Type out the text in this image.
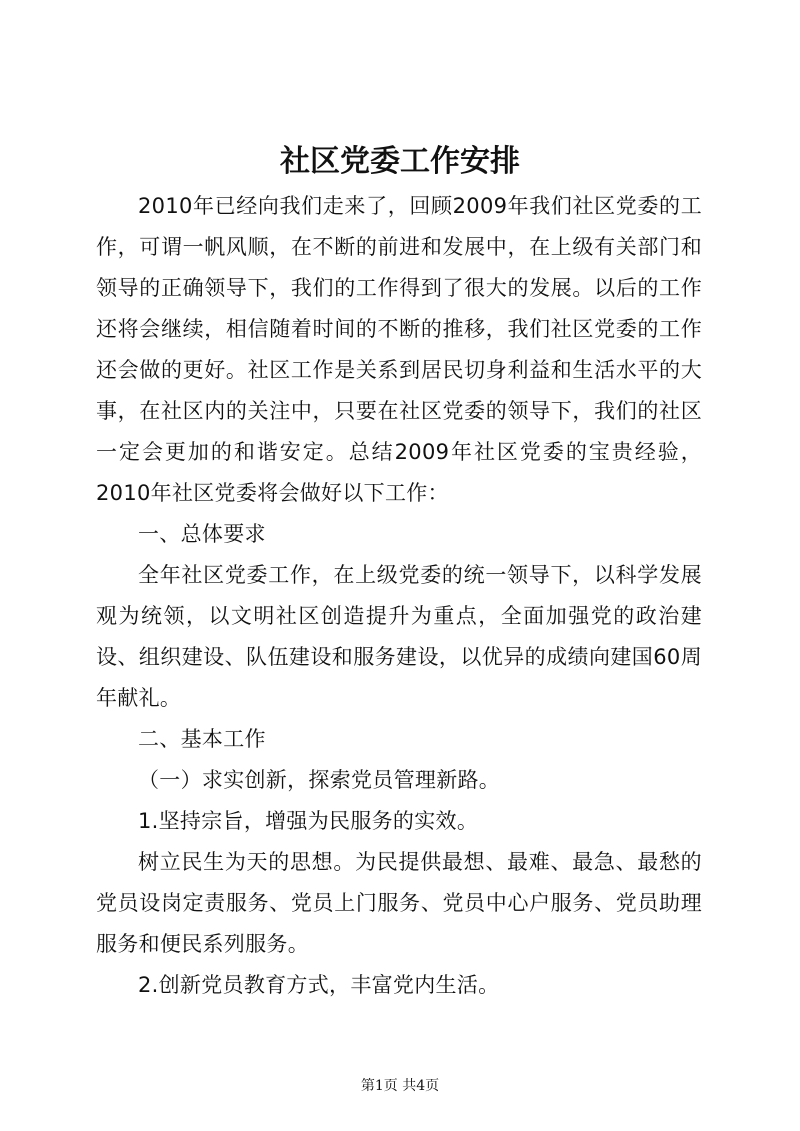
社区党委工作安排

2010年已经向我们走来了，回顾2009年我们社区党委的工作，可谓一帆风顺，在不断的前进和发展中，在上级有关部门和领导的正确领导下，我们的工作得到了很大的发展。以后的工作还将会继续，相信随着时间的不断的推移，我们社区党委的工作还会做的更好。社区工作是关系到居民切身利益和生活水平的大事，在社区内的关注中，只要在社区党委的领导下，我们的社区一定会更加的和谐安定。总结2009年社区党委的宝贵经验，2010年社区党委将会做好以下工作：

一、总体要求

全年社区党委工作，在上级党委的统一领导下，以科学发展观为统领，以文明社区创造提升为重点，全面加强党的政治建设、组织建设、队伍建设和服务建设，以优异的成绩向建国60周年献礼。

二、基本工作

（一）求实创新，探索党员管理新路。

1.坚持宗旨，增强为民服务的实效。

树立民生为天的思想。为民提供最想、最难、最急、最愁的党员设岗定责服务、党员上门服务、党员中心户服务、党员助理服务和便民系列服务。

2.创新党员教育方式，丰富党内生活。

第1页 共4页
